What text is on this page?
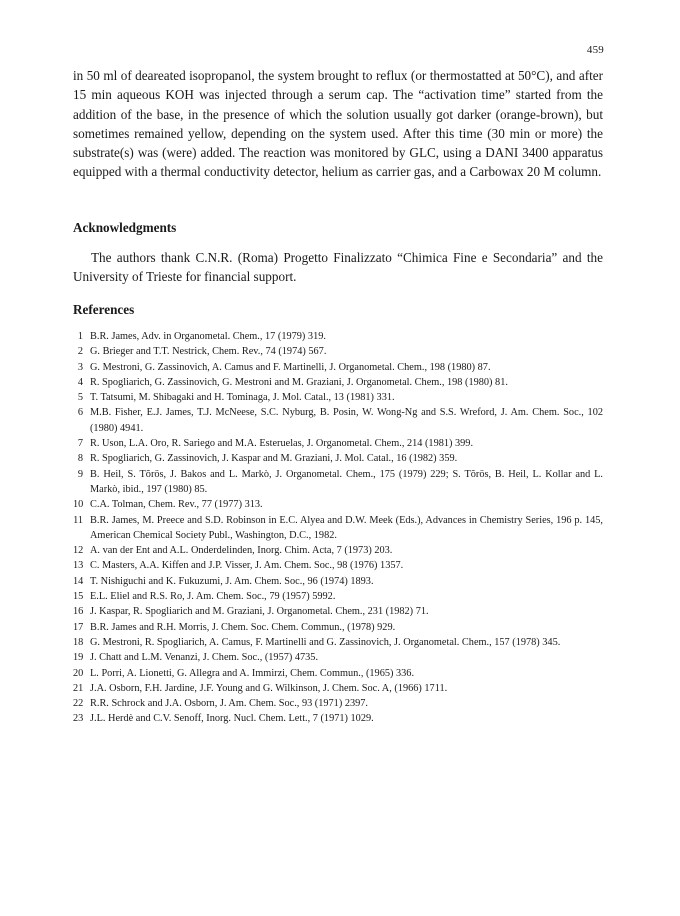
459

in 50 ml of deareated isopropanol, the system brought to reflux (or thermostatted at 50°C), and after 15 min aqueous KOH was injected through a serum cap. The “activation time” started from the addition of the base, in the presence of which the solution usually got darker (orange-brown), but sometimes remained yellow, depending on the system used. After this time (30 min or more) the substrate(s) was (were) added. The reaction was monitored by GLC, using a DANI 3400 apparatus equipped with a thermal conductivity detector, helium as carrier gas, and a Carbowax 20 M column.

Acknowledgments

The authors thank C.N.R. (Roma) Progetto Finalizzato “Chimica Fine e Secondaria” and the University of Trieste for financial support.

References
1 B.R. James, Adv. in Organometal. Chem., 17 (1979) 319.
2 G. Brieger and T.T. Nestrick, Chem. Rev., 74 (1974) 567.
3 G. Mestroni, G. Zassinovich, A. Camus and F. Martinelli, J. Organometal. Chem., 198 (1980) 87.
4 R. Spogliarich, G. Zassinovich, G. Mestroni and M. Graziani, J. Organometal. Chem., 198 (1980) 81.
5 T. Tatsumi, M. Shibagaki and H. Tominaga, J. Mol. Catal., 13 (1981) 331.
6 M.B. Fisher, E.J. James, T.J. McNeese, S.C. Nyburg, B. Posin, W. Wong-Ng and S.S. Wreford, J. Am. Chem. Soc., 102 (1980) 4941.
7 R. Uson, L.A. Oro, R. Sariego and M.A. Esteruelas, J. Organometal. Chem., 214 (1981) 399.
8 R. Spogliarich, G. Zassinovich, J. Kaspar and M. Graziani, J. Mol. Catal., 16 (1982) 359.
9 B. Heil, S. Tõrös, J. Bakos and L. Markò, J. Organometal. Chem., 175 (1979) 229; S. Tõrös, B. Heil, L. Kollar and L. Markò, ibid., 197 (1980) 85.
10 C.A. Tolman, Chem. Rev., 77 (1977) 313.
11 B.R. James, M. Preece and S.D. Robinson in E.C. Alyea and D.W. Meek (Eds.), Advances in Chemistry Series, 196 p. 145, American Chemical Society Publ., Washington, D.C., 1982.
12 A. van der Ent and A.L. Onderdelinden, Inorg. Chim. Acta, 7 (1973) 203.
13 C. Masters, A.A. Kiffen and J.P. Visser, J. Am. Chem. Soc., 98 (1976) 1357.
14 T. Nishiguchi and K. Fukuzumi, J. Am. Chem. Soc., 96 (1974) 1893.
15 E.L. Eliel and R.S. Ro, J. Am. Chem. Soc., 79 (1957) 5992.
16 J. Kaspar, R. Spogliarich and M. Graziani, J. Organometal. Chem., 231 (1982) 71.
17 B.R. James and R.H. Morris, J. Chem. Soc. Chem. Commun., (1978) 929.
18 G. Mestroni, R. Spogliarich, A. Camus, F. Martinelli and G. Zassinovich, J. Organometal. Chem., 157 (1978) 345.
19 J. Chatt and L.M. Venanzi, J. Chem. Soc., (1957) 4735.
20 L. Porri, A. Lionetti, G. Allegra and A. Immirzi, Chem. Commun., (1965) 336.
21 J.A. Osborn, F.H. Jardine, J.F. Young and G. Wilkinson, J. Chem. Soc. A, (1966) 1711.
22 R.R. Schrock and J.A. Osborn, J. Am. Chem. Soc., 93 (1971) 2397.
23 J.L. Herdè and C.V. Senoff, Inorg. Nucl. Chem. Lett., 7 (1971) 1029.
